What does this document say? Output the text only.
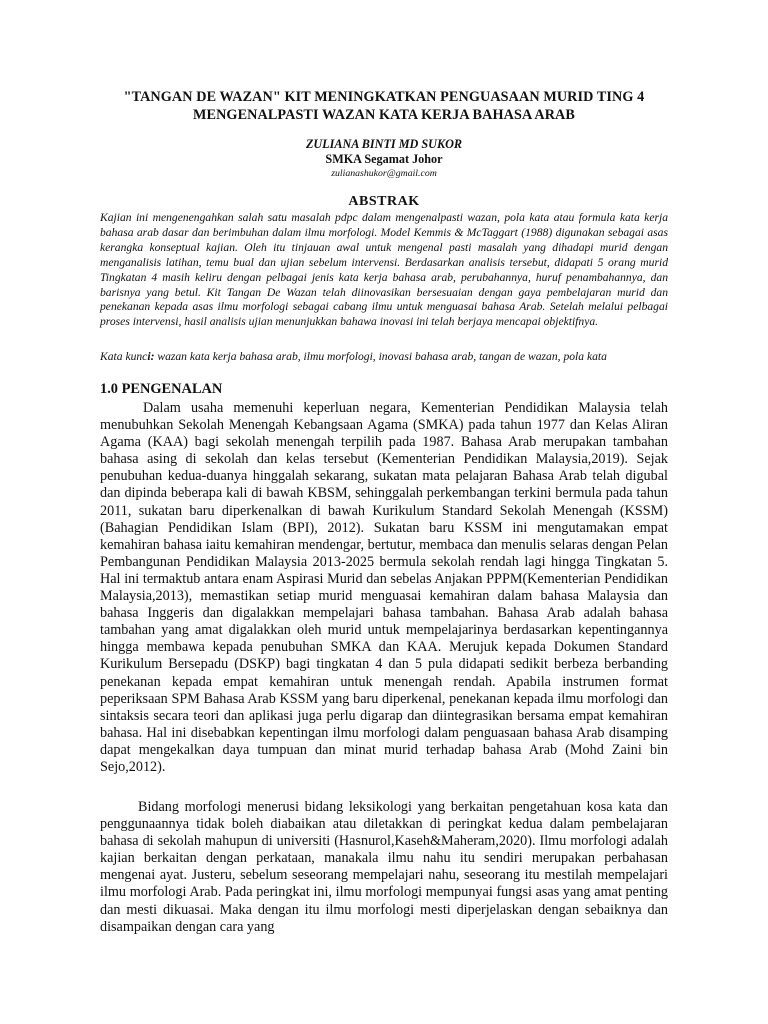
"TANGAN DE WAZAN" KIT MENINGKATKAN PENGUASAAN MURID TING 4
MENGENALPASTI WAZAN KATA KERJA BAHASA ARAB
ZULIANA BINTI MD SUKOR
SMKA Segamat Johor
zulianashukor@gmail.com
ABSTRAK
Kajian ini mengenengahkan salah satu masalah pdpc dalam mengenalpasti wazan, pola kata atau formula kata kerja bahasa arab dasar dan berimbuhan dalam ilmu morfologi. Model Kemmis & McTaggart (1988) digunakan sebagai asas kerangka konseptual kajian. Oleh itu tinjauan awal untuk mengenal pasti masalah yang dihadapi murid dengan menganalisis latihan, temu bual dan ujian sebelum intervensi. Berdasarkan analisis tersebut, didapati 5 orang murid Tingkatan 4 masih keliru dengan pelbagai jenis kata kerja bahasa arab, perubahannya, huruf penambahannya, dan barisnya yang betul. Kit Tangan De Wazan telah diinovasikan bersesuaian dengan gaya pembelajaran murid dan penekanan kepada asas ilmu morfologi sebagai cabang ilmu untuk menguasai bahasa Arab. Setelah melalui pelbagai proses intervensi, hasil analisis ujian menunjukkan bahawa inovasi ini telah berjaya mencapai objektifnya.
Kata kunci: wazan kata kerja bahasa arab, ilmu morfologi, inovasi bahasa arab, tangan de wazan, pola kata
1.0 PENGENALAN
Dalam usaha memenuhi keperluan negara, Kementerian Pendidikan Malaysia telah menubuhkan Sekolah Menengah Kebangsaan Agama (SMKA) pada tahun 1977 dan Kelas Aliran Agama (KAA) bagi sekolah menengah terpilih pada 1987. Bahasa Arab merupakan tambahan bahasa asing di sekolah dan kelas tersebut (Kementerian Pendidikan Malaysia,2019). Sejak penubuhan kedua-duanya hinggalah sekarang, sukatan mata pelajaran Bahasa Arab telah digubal dan dipinda beberapa kali di bawah KBSM, sehinggalah perkembangan terkini bermula pada tahun 2011, sukatan baru diperkenalkan di bawah Kurikulum Standard Sekolah Menengah (KSSM) (Bahagian Pendidikan Islam (BPI), 2012). Sukatan baru KSSM ini mengutamakan empat kemahiran bahasa iaitu kemahiran mendengar, bertutur, membaca dan menulis selaras dengan Pelan Pembangunan Pendidikan Malaysia 2013-2025 bermula sekolah rendah lagi hingga Tingkatan 5. Hal ini termaktub antara enam Aspirasi Murid dan sebelas Anjakan PPPM(Kementerian Pendidikan Malaysia,2013), memastikan setiap murid menguasai kemahiran dalam bahasa Malaysia dan bahasa Inggeris dan digalakkan mempelajari bahasa tambahan. Bahasa Arab adalah bahasa tambahan yang amat digalakkan oleh murid untuk mempelajarinya berdasarkan kepentingannya hingga membawa kepada penubuhan SMKA dan KAA. Merujuk kepada Dokumen Standard Kurikulum Bersepadu (DSKP) bagi tingkatan 4 dan 5 pula didapati sedikit berbeza berbanding penekanan kepada empat kemahiran untuk menengah rendah. Apabila instrumen format peperiksaan SPM Bahasa Arab KSSM yang baru diperkenal, penekanan kepada ilmu morfologi dan sintaksis secara teori dan aplikasi juga perlu digarap dan diintegrasikan bersama empat kemahiran bahasa. Hal ini disebabkan kepentingan ilmu morfologi dalam penguasaan bahasa Arab disamping dapat mengekalkan daya tumpuan dan minat murid terhadap bahasa Arab (Mohd Zaini bin Sejo,2012).
Bidang morfologi menerusi bidang leksikologi yang berkaitan pengetahuan kosa kata dan penggunaannya tidak boleh diabaikan atau diletakkan di peringkat kedua dalam pembelajaran bahasa di sekolah mahupun di universiti (Hasnurol,Kaseh&Maheram,2020). Ilmu morfologi adalah kajian berkaitan dengan perkataan, manakala ilmu nahu itu sendiri merupakan perbahasan mengenai ayat. Justeru, sebelum seseorang mempelajari nahu, seseorang itu mestilah mempelajari ilmu morfologi Arab. Pada peringkat ini, ilmu morfologi mempunyai fungsi asas yang amat penting dan mesti dikuasai. Maka dengan itu ilmu morfologi mesti diperjelaskan dengan sebaiknya dan disampaikan dengan cara yang
